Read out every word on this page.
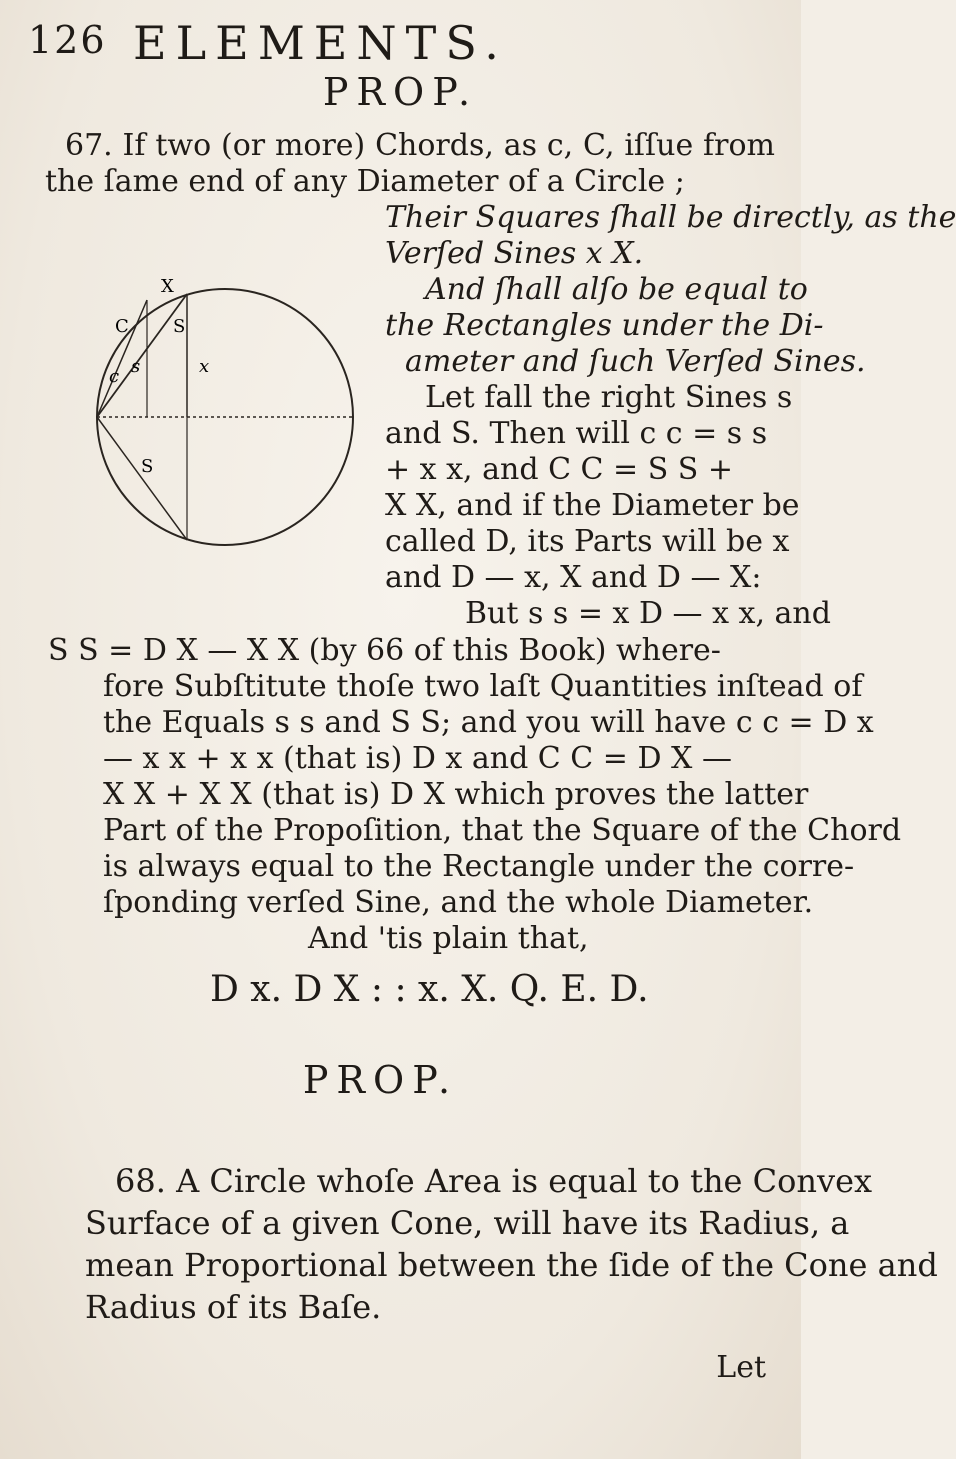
126 ELEMENTS.
PROP.
67. If two (or more) Chords, as c, C, iſſue from the ſame end of any Diameter of a Circle ;
Their Squares ſhall be directly, as the
Verſed Sines x X.
And ſhall alſo be equal to
the Rectangles under the Di-
ameter and ſuch Verſed Sines.
Let fall the right Sines s
and S. Then will c c = s s
+ x x, and C C = S S +
X X, and if the Diameter be
called D, its Parts will be x
and D — x, X and D — X:
But s s = x D — x x, and
X
C S
c	x
s
S
S S = D X — X X (by 66 of this Book) where-
fore Subſtitute thoſe two laſt Quantities inſtead of
the Equals s s and S S; and you will have c c = D x
— x x + x x (that is) D x and C C = D X —
X X + X X (that is) D X which proves the latter
Part of the Propoſition, that the Square of the Chord
is always equal to the Rectangle under the corre-
ſponding verſed Sine, and the whole Diameter.
And 'tis plain that,
D x. D X : : x. X. Q. E. D.
PROP.
68. A Circle whoſe Area is equal to the Convex
Surface of a given Cone, will have its Radius, a
mean Proportional between the ſide of the Cone and
Radius of its Baſe.
Let
